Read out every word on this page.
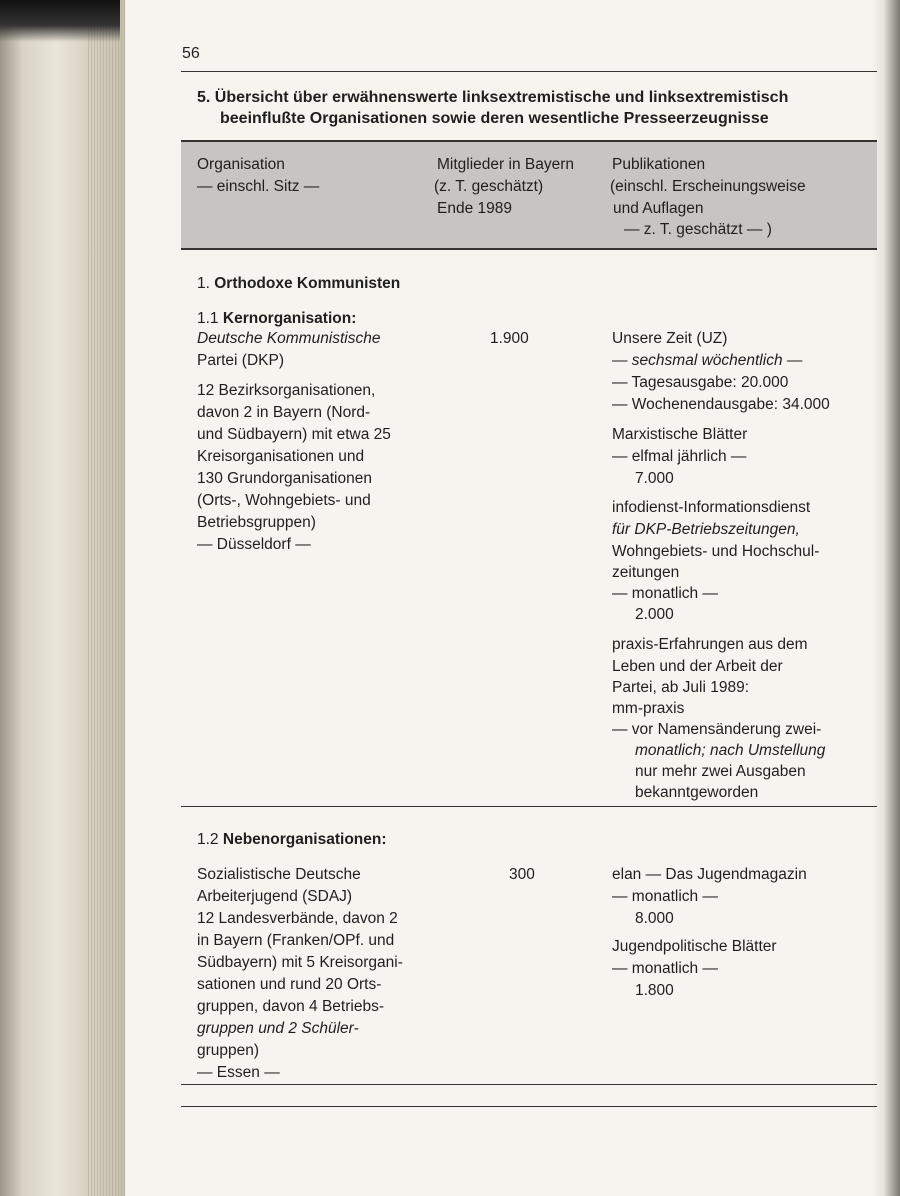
56
5. Übersicht über erwähnenswerte linksextremistische und linksextremistisch
beeinflußte Organisationen sowie deren wesentliche Presseerzeugnisse
Organisation
— einschl. Sitz —
Mitglieder in Bayern
(z. T. geschätzt)
Ende 1989
Publikationen
(einschl. Erscheinungsweise
und Auflagen
— z. T. geschätzt — )
1. Orthodoxe Kommunisten
1.1 Kernorganisation:
Deutsche Kommunistische
Partei (DKP)
12 Bezirksorganisationen,
davon 2 in Bayern (Nord-
und Südbayern) mit etwa 25
Kreisorganisationen und
130 Grundorganisationen
(Orts-, Wohngebiets- und
Betriebsgruppen)
— Düsseldorf —
1.900	Unsere Zeit (UZ)
— sechsmal wöchentlich —
— Tagesausgabe: 20.000
— Wochenendausgabe: 34.000
Marxistische Blätter
— elfmal jährlich —
7.000
infodienst-Informationsdienst
für DKP-Betriebszeitungen,
Wohngebiets- und Hochschul-
zeitungen
— monatlich —
2.000
praxis-Erfahrungen aus dem
Leben und der Arbeit der
Partei, ab Juli 1989:
mm-praxis
— vor Namensänderung zwei-
monatlich; nach Umstellung
nur mehr zwei Ausgaben
bekanntgeworden
1.2 Nebenorganisationen:
Sozialistische Deutsche
Arbeiterjugend (SDAJ)
12 Landesverbände, davon 2
in Bayern (Franken/OPf. und
Südbayern) mit 5 Kreisorgani-
sationen und rund 20 Orts-
gruppen, davon 4 Betriebs-
gruppen und 2 Schüler-
gruppen)
— Essen —
300	elan — Das Jugendmagazin
— monatlich —
8.000
Jugendpolitische Blätter
— monatlich —
1.800
